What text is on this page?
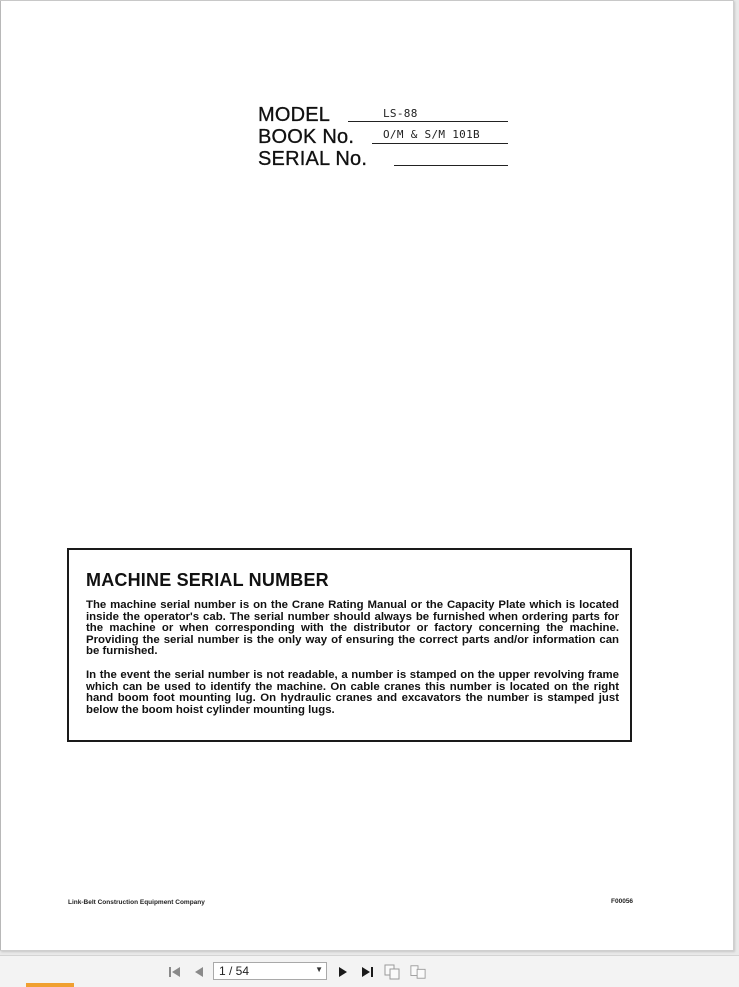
MODEL	LS-88
BOOK No.	O/M & S/M 101B
SERIAL No.
MACHINE SERIAL NUMBER
The machine serial number is on the Crane Rating Manual or the Capacity Plate which is located inside the operator's cab. The serial number should always be furnished when ordering parts for the machine or when corresponding with the distributor or factory concerning the machine. Providing the serial number is the only way of ensuring the correct parts and/or information can be furnished.
In the event the serial number is not readable, a number is stamped on the upper revolving frame which can be used to identify the machine. On cable cranes this number is located on the right hand boom foot mounting lug. On hydraulic cranes and excavators the number is stamped just below the boom hoist cylinder mounting lugs.
Link-Belt Construction Equipment Company	F00056
1 / 54	▼
